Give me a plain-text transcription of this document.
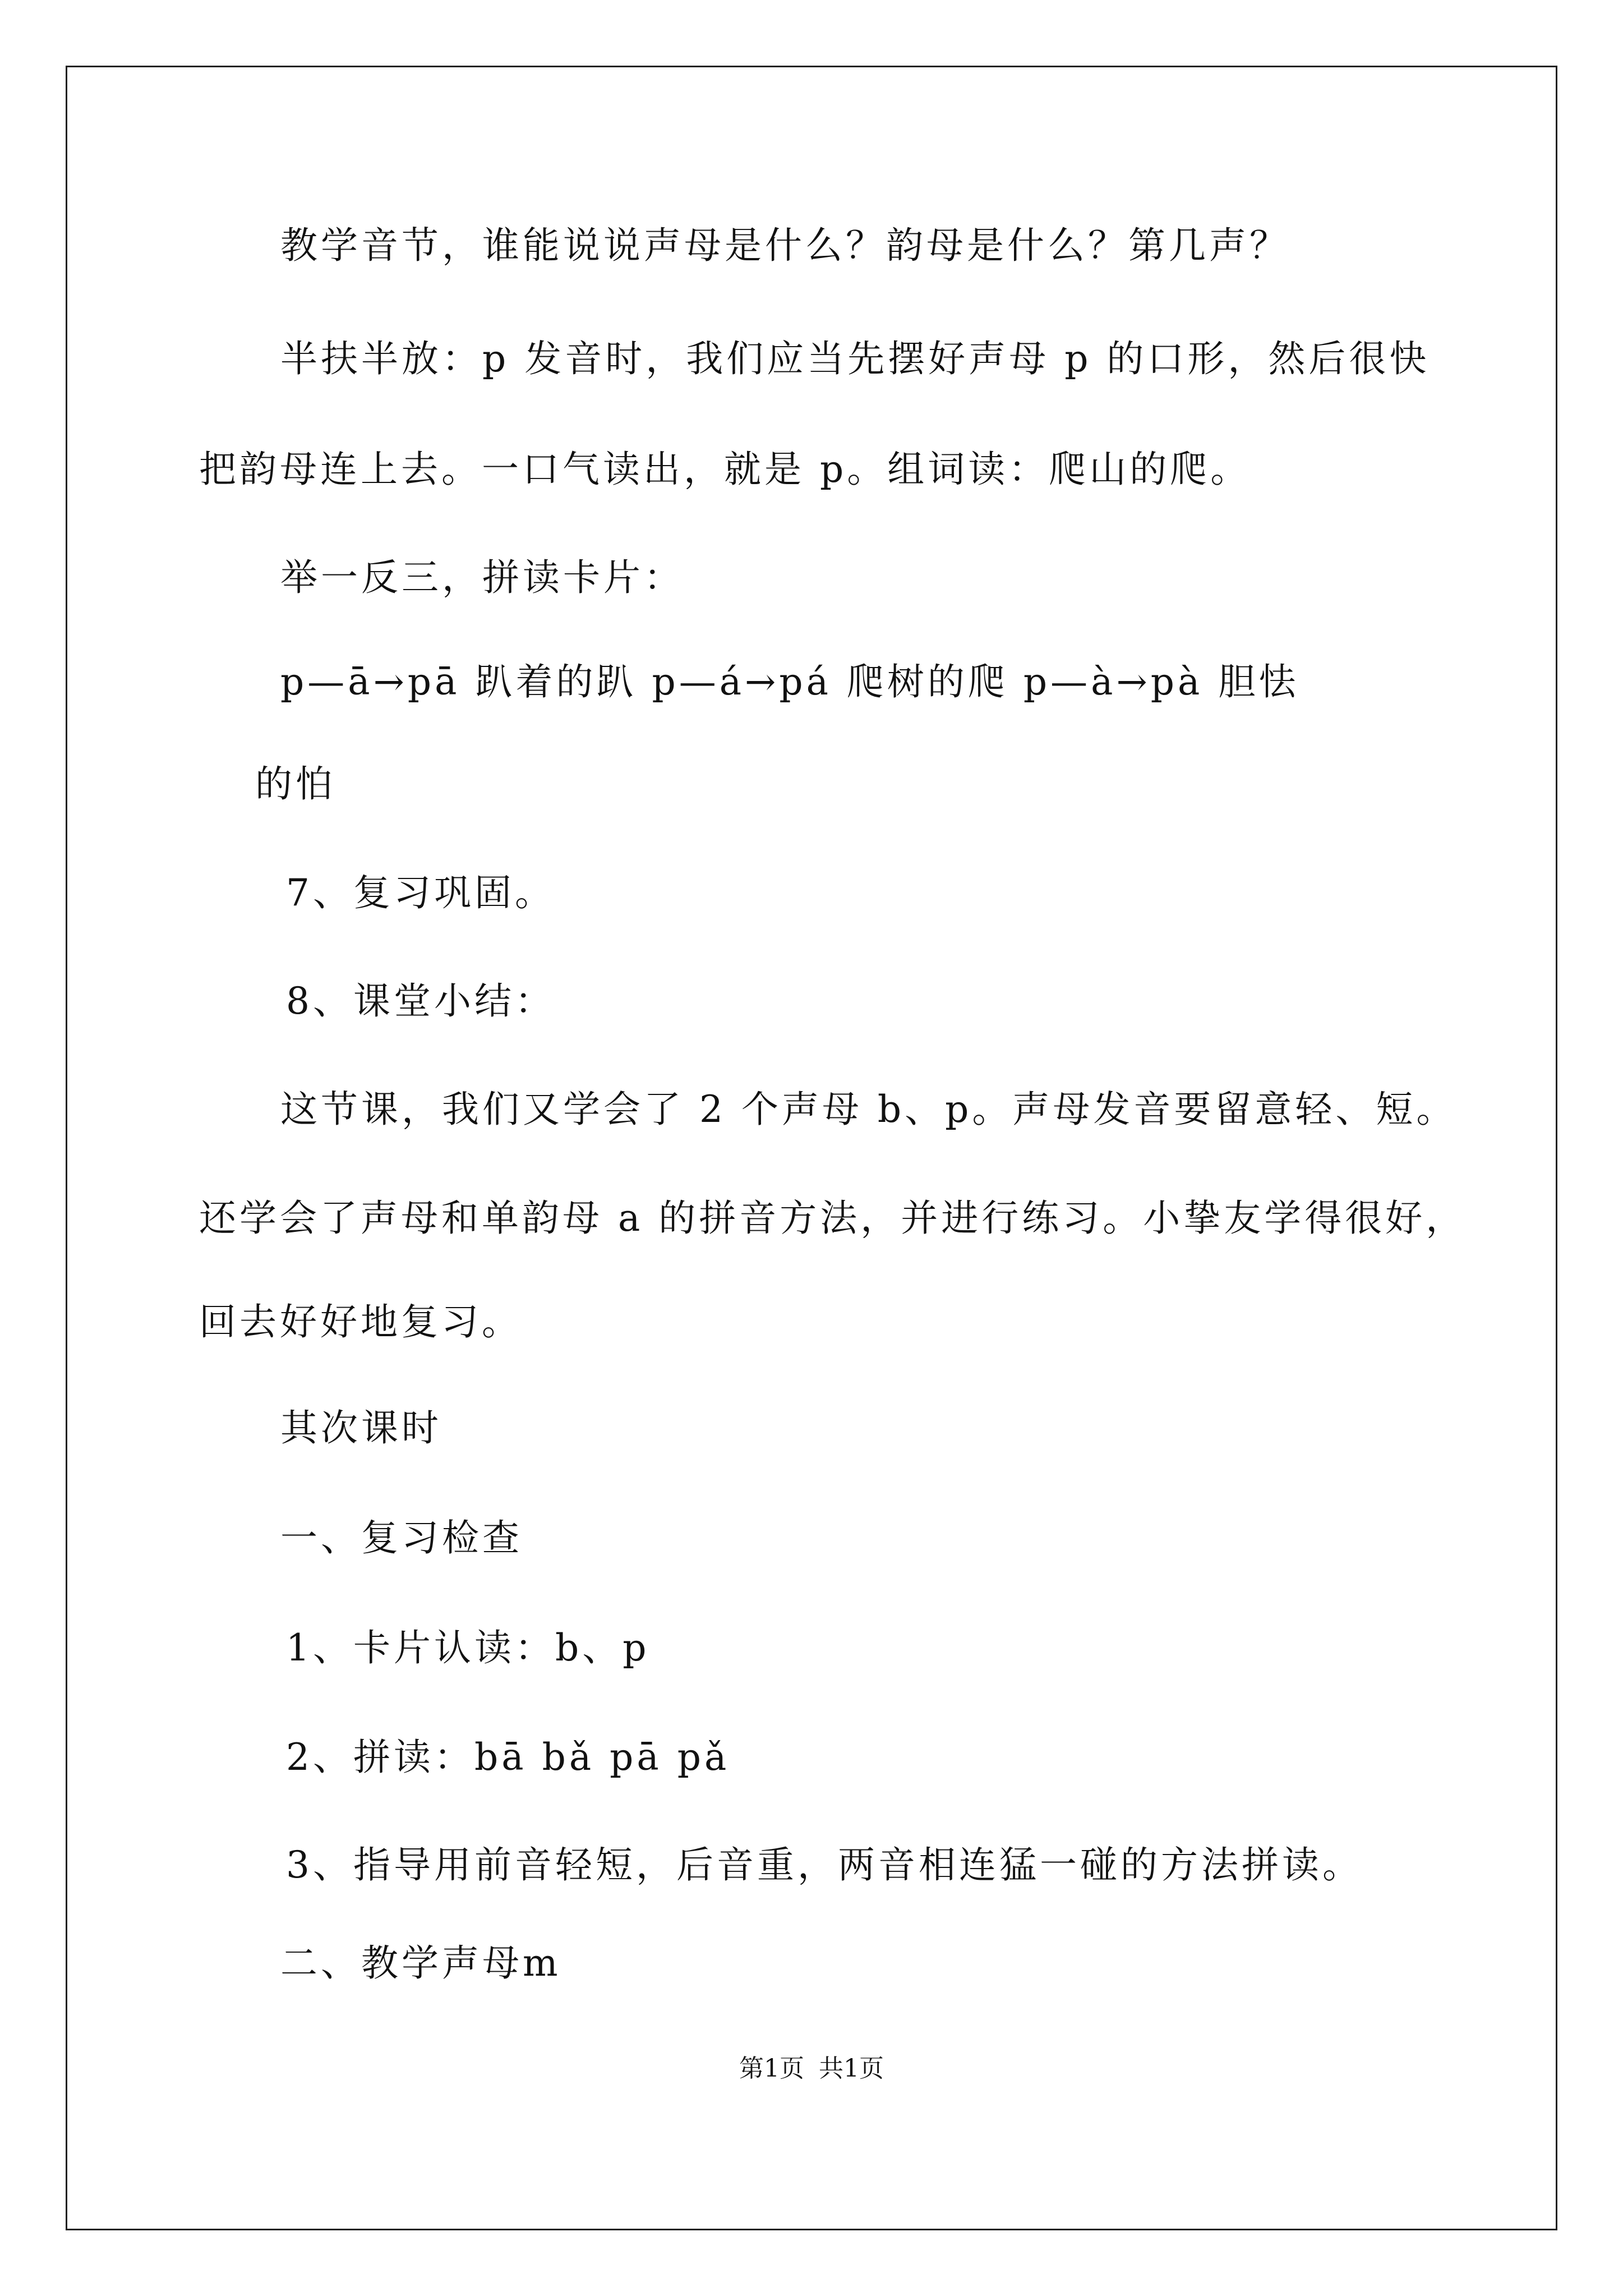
教学音节，谁能说说声母是什么？韵母是什么？第几声？
半扶半放：p 发音时，我们应当先摆好声母 p 的口形，然后很快
把韵母连上去。一口气读出，就是 p。组词读：爬山的爬。
举一反三，拼读卡片：
p—ā→pā 趴着的趴 p—á→pá 爬树的爬 p—à→pà 胆怯
的怕
7、复习巩固。
8、课堂小结：
这节课，我们又学会了 2 个声母 b、p。声母发音要留意轻、短。
还学会了声母和单韵母 a 的拼音方法，并进行练习。小挚友学得很好，
回去好好地复习。
其次课时
一、复习检查
1、卡片认读：b、p
2、拼读：bā bǎ pā pǎ
3、指导用前音轻短，后音重，两音相连猛一碰的方法拼读。
二、教学声母m
第1页 共1页
